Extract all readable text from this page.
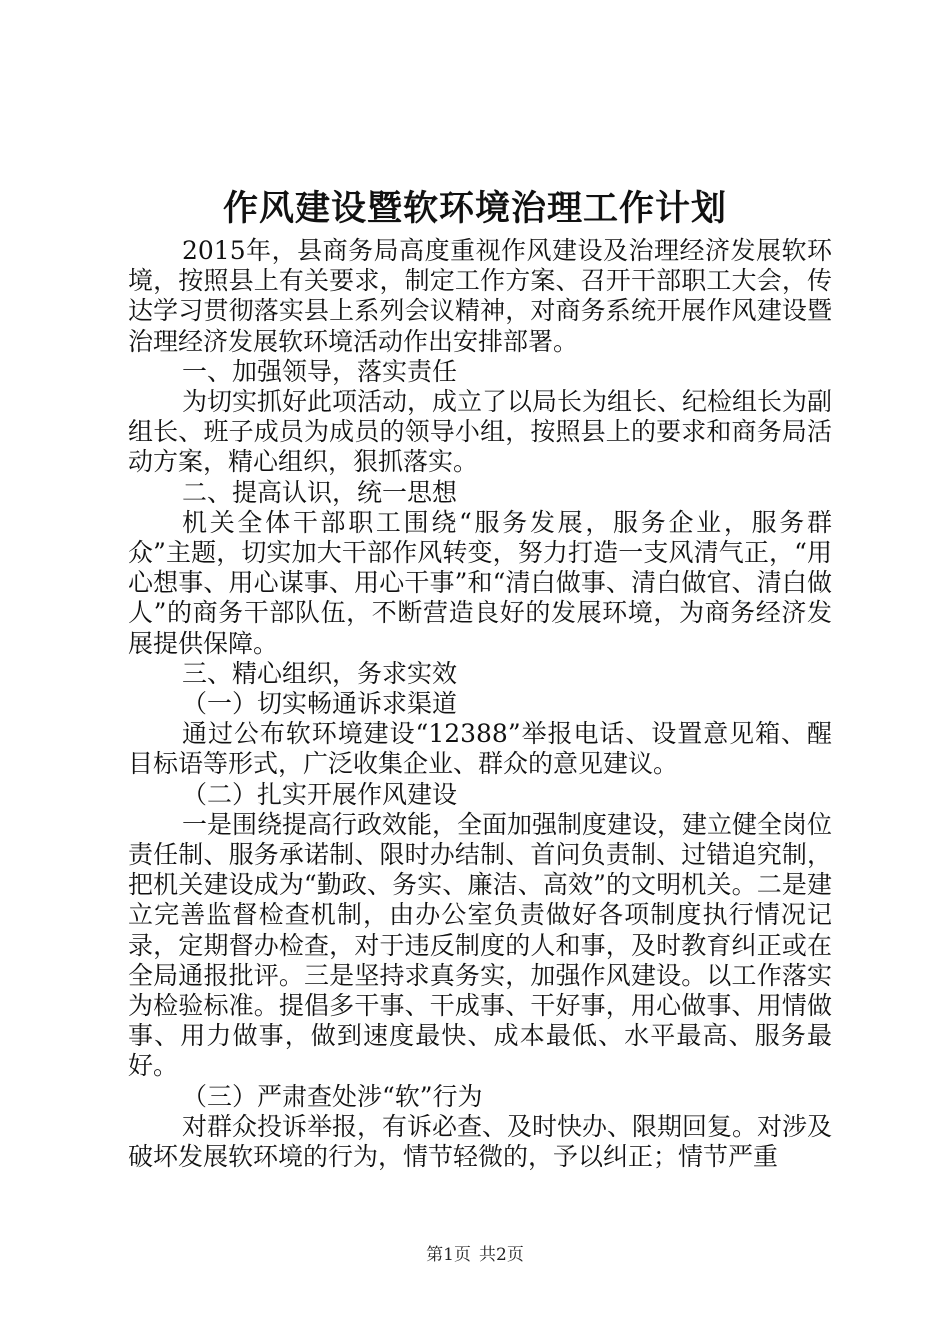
作风建设暨软环境治理工作计划

2015年，县商务局高度重视作风建设及治理经济发展软环境，按照县上有关要求，制定工作方案、召开干部职工大会，传达学习贯彻落实县上系列会议精神，对商务系统开展作风建设暨治理经济发展软环境活动作出安排部署。

一、加强领导，落实责任

为切实抓好此项活动，成立了以局长为组长、纪检组长为副组长、班子成员为成员的领导小组，按照县上的要求和商务局活动方案，精心组织，狠抓落实。

二、提高认识，统一思想

机关全体干部职工围绕“服务发展，服务企业，服务群众”主题，切实加大干部作风转变，努力打造一支风清气正，“用心想事、用心谋事、用心干事”和“清白做事、清白做官、清白做人”的商务干部队伍，不断营造良好的发展环境，为商务经济发展提供保障。

三、精心组织，务求实效

（一）切实畅通诉求渠道

通过公布软环境建设“12388”举报电话、设置意见箱、醒目标语等形式，广泛收集企业、群众的意见建议。

（二）扎实开展作风建设

一是围绕提高行政效能，全面加强制度建设，建立健全岗位责任制、服务承诺制、限时办结制、首问负责制、过错追究制，把机关建设成为“勤政、务实、廉洁、高效”的文明机关。二是建立完善监督检查机制，由办公室负责做好各项制度执行情况记录，定期督办检查，对于违反制度的人和事，及时教育纠正或在全局通报批评。三是坚持求真务实，加强作风建设。以工作落实为检验标准。提倡多干事、干成事、干好事，用心做事、用情做事、用力做事，做到速度最快、成本最低、水平最高、服务最好。

（三）严肃查处涉“软”行为

对群众投诉举报，有诉必查、及时快办、限期回复。对涉及破坏发展软环境的行为，情节轻微的，予以纠正；情节严重

第1页 共2页
